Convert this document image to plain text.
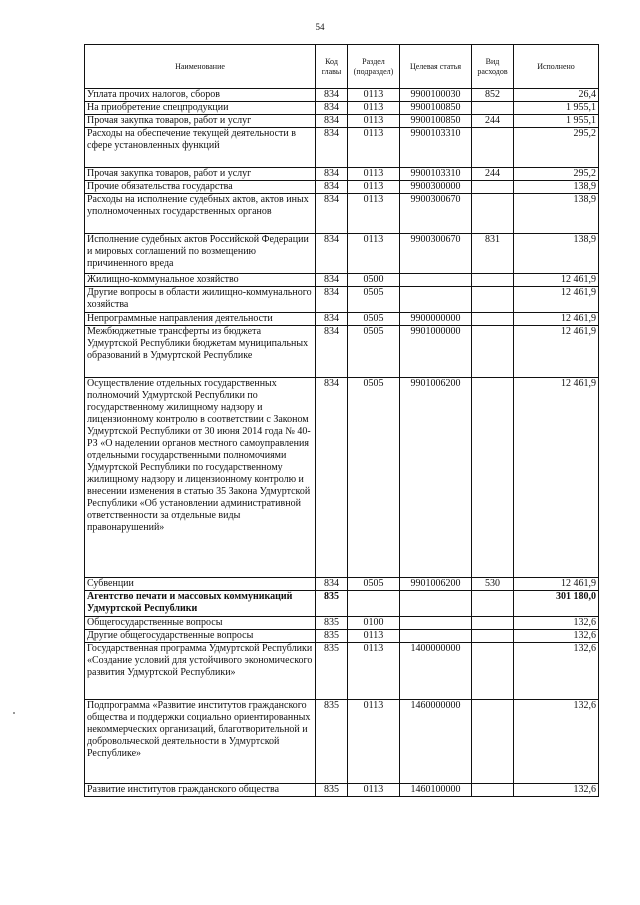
54
Наименование	Код главы	Раздел (подраздел)	Целевая статья	Вид расходов	Исполнено
Уплата прочих налогов, сборов	834	0113	9900100030	852	26,4
На приобретение спецпродукции	834	0113	9900100850		1 955,1
Прочая закупка товаров, работ и услуг	834	0113	9900100850	244	1 955,1
Расходы на обеспечение текущей деятельности в сфере установленных функций	834	0113	9900103310		295,2
Прочая закупка товаров, работ и услуг	834	0113	9900103310	244	295,2
Прочие обязательства государства	834	0113	9900300000		138,9
Расходы на исполнение судебных актов, актов иных уполномоченных государственных органов	834	0113	9900300670		138,9
Исполнение судебных актов Российской Федерации и мировых соглашений по возмещению причиненного вреда	834	0113	9900300670	831	138,9
Жилищно-коммунальное хозяйство	834	0500			12 461,9
Другие вопросы в области жилищно-коммунального хозяйства	834	0505			12 461,9
Непрограммные направления деятельности	834	0505	9900000000		12 461,9
Межбюджетные трансферты из бюджета Удмуртской Республики бюджетам муниципальных образований в Удмуртской Республике	834	0505	9901000000		12 461,9
Осуществление отдельных государственных полномочий Удмуртской Республики по государственному жилищному надзору и лицензионному контролю в соответствии с Законом Удмуртской Республики от 30 июня 2014 года № 40-РЗ «О наделении органов местного самоуправления отдельными государственными полномочиями Удмуртской Республики по государственному жилищному надзору и лицензионному контролю и внесении изменения в статью 35 Закона Удмуртской Республики «Об установлении административной ответственности за отдельные виды правонарушений»	834	0505	9901006200		12 461,9
Субвенции	834	0505	9901006200	530	12 461,9
Агентство печати и массовых коммуникаций Удмуртской Республики	835				301 180,0
Общегосударственные вопросы	835	0100			132,6
Другие общегосударственные вопросы	835	0113			132,6
Государственная программа Удмуртской Республики «Создание условий для устойчивого экономического развития Удмуртской Республики»	835	0113	1400000000		132,6
Подпрограмма «Развитие институтов гражданского общества и поддержки социально ориентированных некоммерческих организаций, благотворительной и добровольческой деятельности в Удмуртской Республике»	835	0113	1460000000		132,6
Развитие институтов гражданского общества	835	0113	1460100000		132,6
